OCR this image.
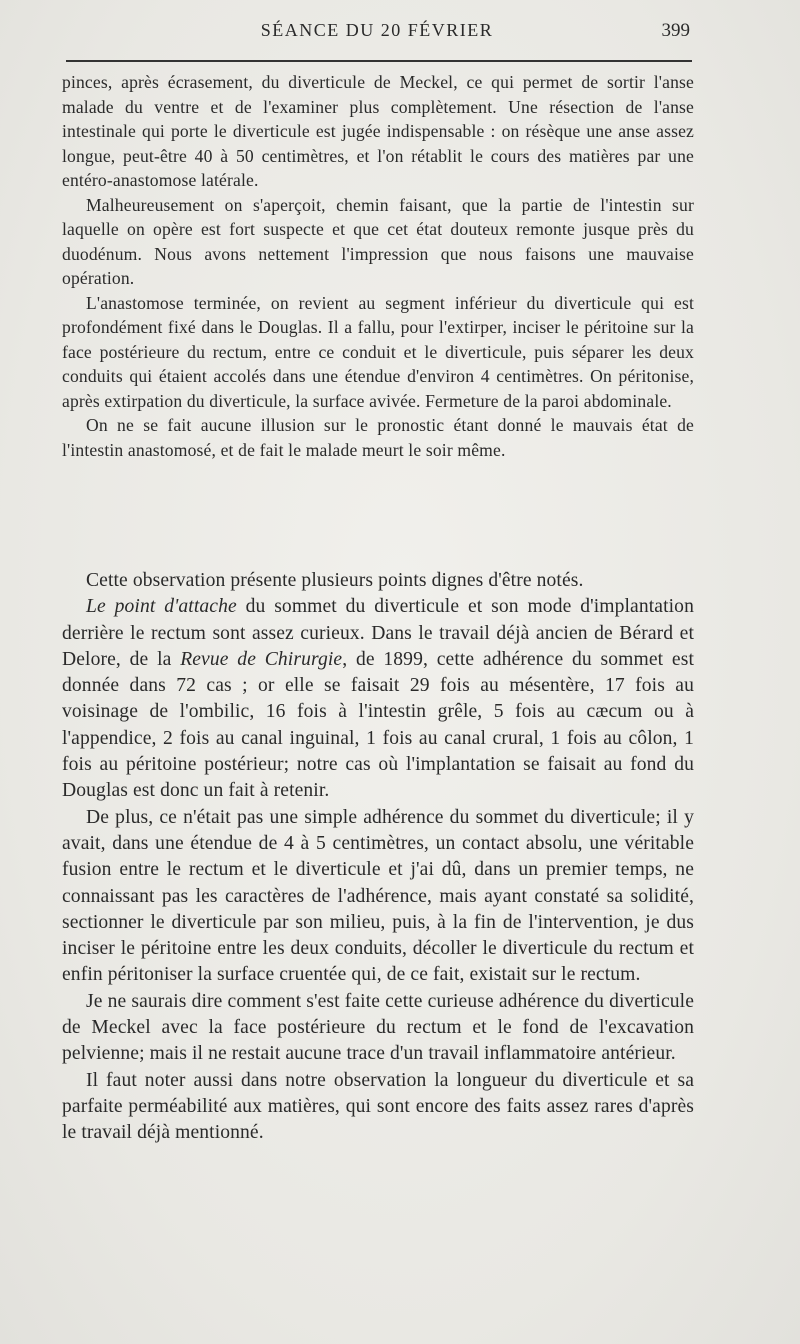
SÉANCE DU 20 FÉVRIER	399

pinces, après écrasement, du diverticule de Meckel, ce qui permet de sortir l'anse malade du ventre et de l'examiner plus complètement. Une résection de l'anse intestinale qui porte le diverticule est jugée indispensable : on résèque une anse assez longue, peut-être 40 à 50 centimètres, et l'on rétablit le cours des matières par une entéro-anastomose latérale.

Malheureusement on s'aperçoit, chemin faisant, que la partie de l'intestin sur laquelle on opère est fort suspecte et que cet état douteux remonte jusque près du duodénum. Nous avons nettement l'impression que nous faisons une mauvaise opération.

L'anastomose terminée, on revient au segment inférieur du diverticule qui est profondément fixé dans le Douglas. Il a fallu, pour l'extirper, inciser le péritoine sur la face postérieure du rectum, entre ce conduit et le diverticule, puis séparer les deux conduits qui étaient accolés dans une étendue d'environ 4 centimètres. On péritonise, après extirpation du diverticule, la surface avivée. Fermeture de la paroi abdominale.

On ne se fait aucune illusion sur le pronostic étant donné le mauvais état de l'intestin anastomosé, et de fait le malade meurt le soir même.

Cette observation présente plusieurs points dignes d'être notés.

Le point d'attache du sommet du diverticule et son mode d'implantation derrière le rectum sont assez curieux. Dans le travail déjà ancien de Bérard et Delore, de la Revue de Chirurgie, de 1899, cette adhérence du sommet est donnée dans 72 cas ; or elle se faisait 29 fois au mésentère, 17 fois au voisinage de l'ombilic, 16 fois à l'intestin grêle, 5 fois au cæcum ou à l'appendice, 2 fois au canal inguinal, 1 fois au canal crural, 1 fois au côlon, 1 fois au péritoine postérieur; notre cas où l'implantation se faisait au fond du Douglas est donc un fait à retenir.

De plus, ce n'était pas une simple adhérence du sommet du diverticule; il y avait, dans une étendue de 4 à 5 centimètres, un contact absolu, une véritable fusion entre le rectum et le diverticule et j'ai dû, dans un premier temps, ne connaissant pas les caractères de l'adhérence, mais ayant constaté sa solidité, sectionner le diverticule par son milieu, puis, à la fin de l'intervention, je dus inciser le péritoine entre les deux conduits, décoller le diverticule du rectum et enfin péritoniser la surface cruentée qui, de ce fait, existait sur le rectum.

Je ne saurais dire comment s'est faite cette curieuse adhérence du diverticule de Meckel avec la face postérieure du rectum et le fond de l'excavation pelvienne; mais il ne restait aucune trace d'un travail inflammatoire antérieur.

Il faut noter aussi dans notre observation la longueur du diverticule et sa parfaite perméabilité aux matières, qui sont encore des faits assez rares d'après le travail déjà mentionné.
